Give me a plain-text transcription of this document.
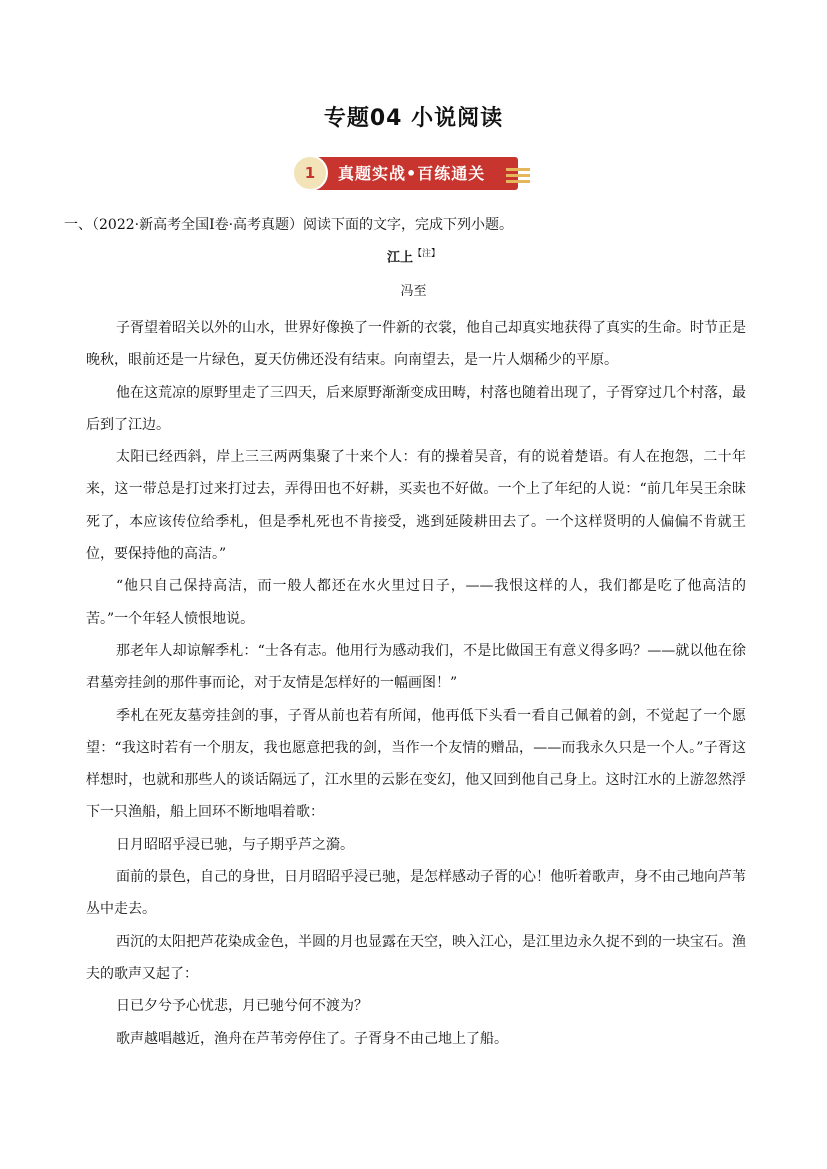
专题04 小说阅读
1	真题实战•百练通关
一、（2022·新高考全国Ⅰ卷·高考真题）阅读下面的文字，完成下列小题。
江上$^{【注】}$
冯至

子胥望着昭关以外的山水，世界好像换了一件新的衣裳，他自己却真实地获得了真实的生命。时节正是晚秋，眼前还是一片绿色，夏天仿佛还没有结束。向南望去，是一片人烟稀少的平原。

他在这荒凉的原野里走了三四天，后来原野渐渐变成田畴，村落也随着出现了，子胥穿过几个村落，最后到了江边。

太阳已经西斜，岸上三三两两集聚了十来个人：有的操着吴音，有的说着楚语。有人在抱怨，二十年来，这一带总是打过来打过去，弄得田也不好耕，买卖也不好做。一个上了年纪的人说：“前几年吴王余昧死了，本应该传位给季札，但是季札死也不肯接受，逃到延陵耕田去了。一个这样贤明的人偏偏不肯就王位，要保持他的高洁。”

“他只自己保持高洁，而一般人都还在水火里过日子，——我恨这样的人，我们都是吃了他高洁的苦。”一个年轻人愤恨地说。

那老年人却谅解季札：“士各有志。他用行为感动我们，不是比做国王有意义得多吗？——就以他在徐君墓旁挂剑的那件事而论，对于友情是怎样好的一幅画图！”

季札在死友墓旁挂剑的事，子胥从前也若有所闻，他再低下头看一看自己佩着的剑，不觉起了一个愿望：“我这时若有一个朋友，我也愿意把我的剑，当作一个友情的赠品，——而我永久只是一个人。”子胥这样想时，也就和那些人的谈话隔远了，江水里的云影在变幻，他又回到他自己身上。这时江水的上游忽然浮下一只渔船，船上回环不断地唱着歌：

日月昭昭乎浸已驰，与子期乎芦之漪。

面前的景色，自己的身世，日月昭昭乎浸已驰，是怎样感动子胥的心！他听着歌声，身不由己地向芦苇丛中走去。

西沉的太阳把芦花染成金色，半圆的月也显露在天空，映入江心，是江里边永久捉不到的一块宝石。渔夫的歌声又起了：

日已夕兮予心忧悲，月已驰兮何不渡为？

歌声越唱越近，渔舟在芦苇旁停住了。子胥身不由己地上了船。
